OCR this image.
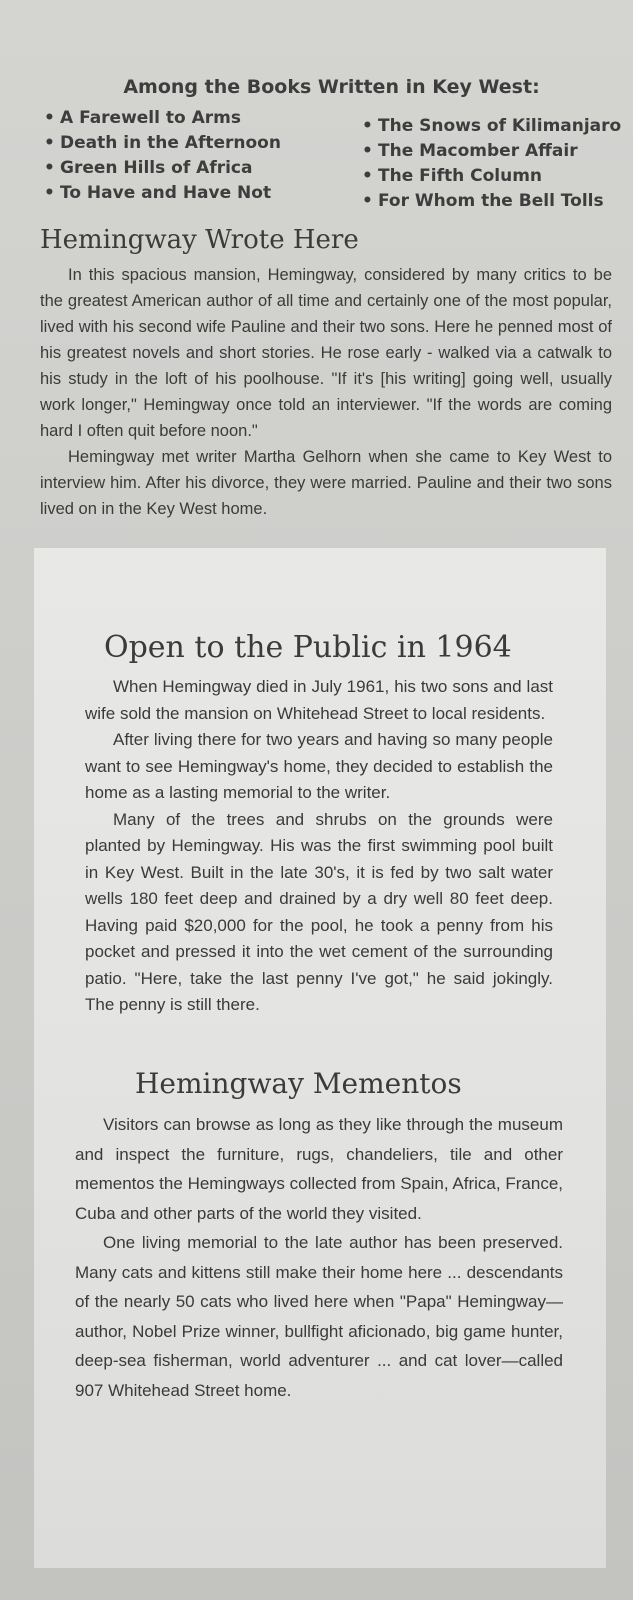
Among the Books Written in Key West:
• A Farewell to Arms
• Death in the Afternoon
• Green Hills of Africa
• To Have and Have Not
• The Snows of Kilimanjaro
• The Macomber Affair
• The Fifth Column
• For Whom the Bell Tolls
Hemingway Wrote Here

In this spacious mansion, Hemingway, considered by many critics to be the greatest American author of all time and certainly one of the most popular, lived with his second wife Pauline and their two sons. Here he penned most of his greatest novels and short stories. He rose early - walked via a catwalk to his study in the loft of his poolhouse. "If it's [his writing] going well, usually work longer," Hemingway once told an interviewer. "If the words are coming hard I often quit before noon."

Hemingway met writer Martha Gelhorn when she came to Key West to interview him. After his divorce, they were married. Pauline and their two sons lived on in the Key West home.

Open to the Public in 1964

When Hemingway died in July 1961, his two sons and last wife sold the mansion on Whitehead Street to local residents.

After living there for two years and having so many people want to see Hemingway's home, they decided to establish the home as a lasting memorial to the writer.

Many of the trees and shrubs on the grounds were planted by Hemingway. His was the first swimming pool built in Key West. Built in the late 30's, it is fed by two salt water wells 180 feet deep and drained by a dry well 80 feet deep. Having paid $20,000 for the pool, he took a penny from his pocket and pressed it into the wet cement of the surrounding patio. "Here, take the last penny I've got," he said jokingly. The penny is still there.

Hemingway Mementos

Visitors can browse as long as they like through the museum and inspect the furniture, rugs, chandeliers, tile and other mementos the Hemingways collected from Spain, Africa, France, Cuba and other parts of the world they visited.

One living memorial to the late author has been preserved. Many cats and kittens still make their home here ... descendants of the nearly 50 cats who lived here when "Papa" Hemingway—author, Nobel Prize winner, bullfight aficionado, big game hunter, deep-sea fisherman, world adventurer ... and cat lover—called 907 Whitehead Street home.
